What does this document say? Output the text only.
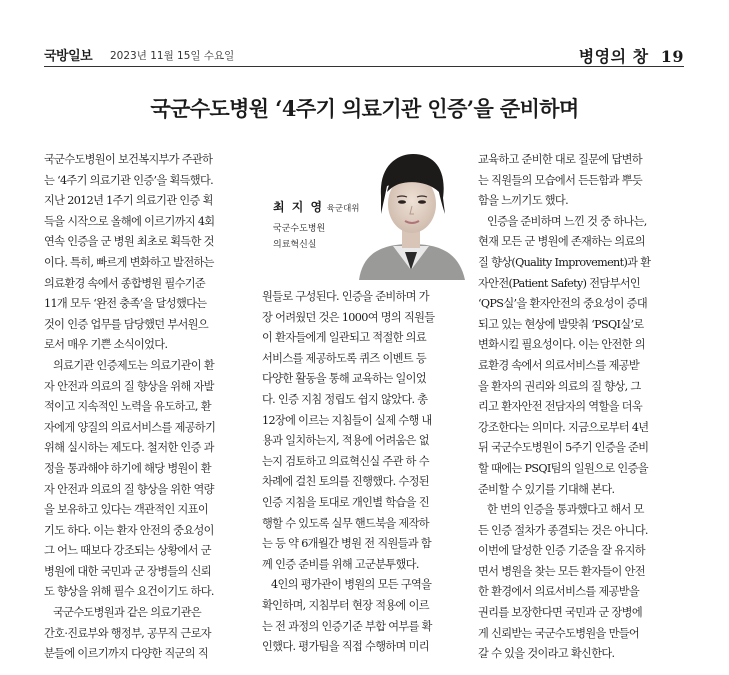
국방일보 2023년 11월 15일 수요일	병영의 창 19
국군수도병원 ‘4주기 의료기관 인증’을 준비하며

국군수도병원이 보건복지부가 주관하

는 ‘4주기 의료기관 인증’을 획득했다.

지난 2012년 1주기 의료기관 인증 획

득을 시작으로 올해에 이르기까지 4회

연속 인증을 군 병원 최초로 획득한 것

이다. 특히, 빠르게 변화하고 발전하는

의료환경 속에서 종합병원 필수기준

11개 모두 ‘완전 충족’을 달성했다는

것이 인증 업무를 담당했던 부서원으

로서 매우 기쁜 소식이었다.

의료기관 인증제도는 의료기관이 환

자 안전과 의료의 질 향상을 위해 자발

적이고 지속적인 노력을 유도하고, 환

자에게 양질의 의료서비스를 제공하기

위해 실시하는 제도다. 철저한 인증 과

정을 통과해야 하기에 해당 병원이 환

자 안전과 의료의 질 향상을 위한 역량

을 보유하고 있다는 객관적인 지표이

기도 하다. 이는 환자 안전의 중요성이

그 어느 때보다 강조되는 상황에서 군

병원에 대한 국민과 군 장병들의 신뢰

도 향상을 위해 필수 요건이기도 하다.

국군수도병원과 같은 의료기관은

간호·진료부와 행정부, 공무직 근로자

분들에 이르기까지 다양한 직군의 직

최 지 영 육군대위
국군수도병원
의료혁신실

원들로 구성된다. 인증을 준비하며 가

장 어려웠던 것은 1000여 명의 직원들

이 환자들에게 일관되고 적절한 의료

서비스를 제공하도록 퀴즈 이벤트 등

다양한 활동을 통해 교육하는 일이었

다. 인증 지침 정립도 쉽지 않았다. 총

12장에 이르는 지침들이 실제 수행 내

용과 일치하는지, 적용에 어려움은 없

는지 검토하고 의료혁신실 주관 하 수

차례에 걸친 토의를 진행했다. 수정된

인증 지침을 토대로 개인별 학습을 진

행할 수 있도록 실무 핸드북을 제작하

는 등 약 6개월간 병원 전 직원들과 함

께 인증 준비를 위해 고군분투했다.

4인의 평가관이 병원의 모든 구역을

확인하며, 지침부터 현장 적용에 이르

는 전 과정의 인증기준 부합 여부를 확

인했다. 평가팀을 직접 수행하며 미리

교육하고 준비한 대로 질문에 답변하

는 직원들의 모습에서 든든함과 뿌듯

함을 느끼기도 했다.

인증을 준비하며 느낀 것 중 하나는,

현재 모든 군 병원에 존재하는 의료의

질 향상(Quality Improvement)과 환

자안전(Patient Safety) 전담부서인

‘QPS실’을 환자안전의 중요성이 증대

되고 있는 현상에 발맞춰 ‘PSQI실’로

변화시킬 필요성이다. 이는 안전한 의

료환경 속에서 의료서비스를 제공받

을 환자의 권리와 의료의 질 향상, 그

리고 환자안전 전담자의 역할을 더욱

강조한다는 의미다. 지금으로부터 4년

뒤 국군수도병원이 5주기 인증을 준비

할 때에는 PSQI팀의 일원으로 인증을

준비할 수 있기를 기대해 본다.

한 번의 인증을 통과했다고 해서 모

든 인증 절차가 종결되는 것은 아니다.

이번에 달성한 인증 기준을 잘 유지하

면서 병원을 찾는 모든 환자들이 안전

한 환경에서 의료서비스를 제공받을

권리를 보장한다면 국민과 군 장병에

게 신뢰받는 국군수도병원을 만들어

갈 수 있을 것이라고 확신한다.
